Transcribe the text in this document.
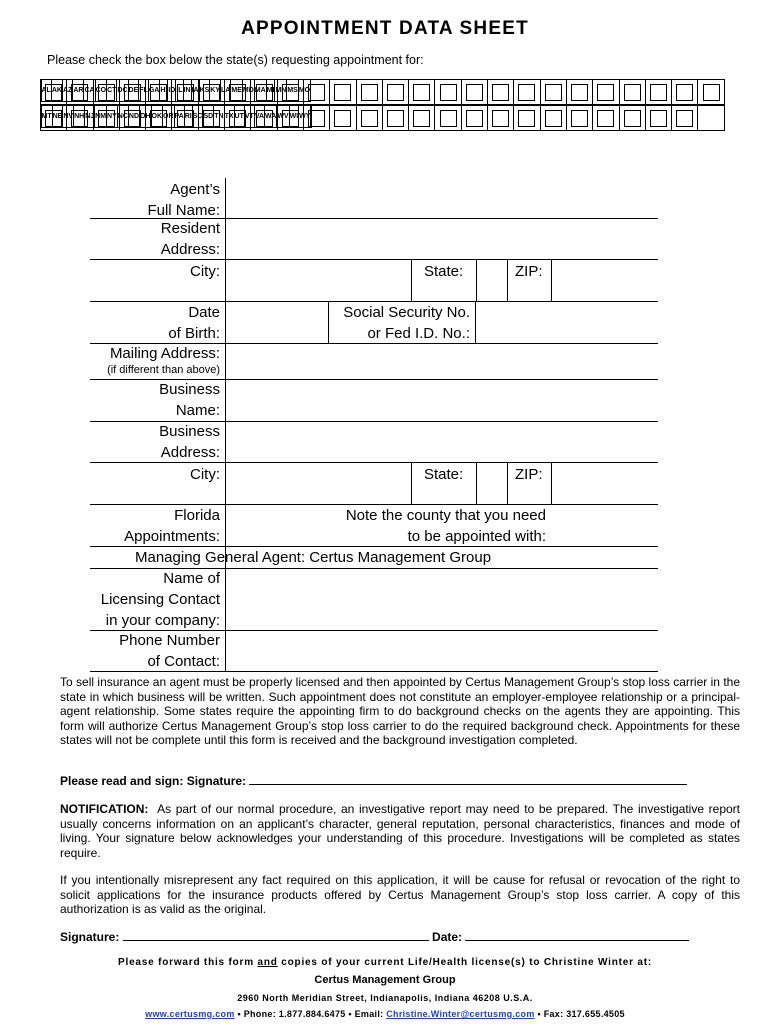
APPOINTMENT DATA SHEET
Please check the box below the state(s) requesting appointment for:
AL	AK	AZ	AR	CA	CO	CT	DC	DE	FL	GA	HI	ID	IL	IN	IA	KS	KY	LA	ME	MD	MA	MI	MN	MS	MO

MT	NE	NV	NH	NJ	NM	NY	NC	ND	OH	OK	OR	PA	RI	SC	SD	TN	TX	UT	VT	VA	WA	WV	WI	WY	

Agent’s
Full Name:
Resident
Address:
City:	State:	ZIP:
Date
of Birth:
Social Security No.
or Fed I.D. No.:
Mailing Address:
(if different than above)
Business
Name:
Business
Address:
City:	State:	ZIP:
Florida
Appointments:
Note the county that you need
to be appointed with:
Managing General Agent: Certus Management Group
Name of
Licensing Contact
in your company:
Phone Number
of Contact:
To sell insurance an agent must be properly licensed and then appointed by Certus Management Group’s stop loss carrier in the state in which business will be written. Such appointment does not constitute an employer-employee relationship or a principal-agent relationship. Some states require the appointing firm to do background checks on the agents they are appointing. This form will authorize Certus Management Group’s stop loss carrier to do the required background check. Appointments for these states will not be complete until this form is received and the background investigation completed.
Please read and sign: Signature:
NOTIFICATION: As part of our normal procedure, an investigative report may need to be prepared. The investigative report usually concerns information on an applicant’s character, general reputation, personal characteristics, finances and mode of living. Your signature below acknowledges your understanding of this procedure. Investigations will be completed as states require.
If you intentionally misrepresent any fact required on this application, it will be cause for refusal or revocation of the right to solicit applications for the insurance products offered by Certus Management Group’s stop loss carrier. A copy of this authorization is as valid as the original.
Signature:	Date:
Please forward this form and copies of your current Life/Health license(s) to Christine Winter at:
Certus Management Group
2960 North Meridian Street, Indianapolis, Indiana 46208 U.S.A.
www.certusmg.com • Phone: 1.877.884.6475 • Email: Christine.Winter@certusmg.com • Fax: 317.655.4505
